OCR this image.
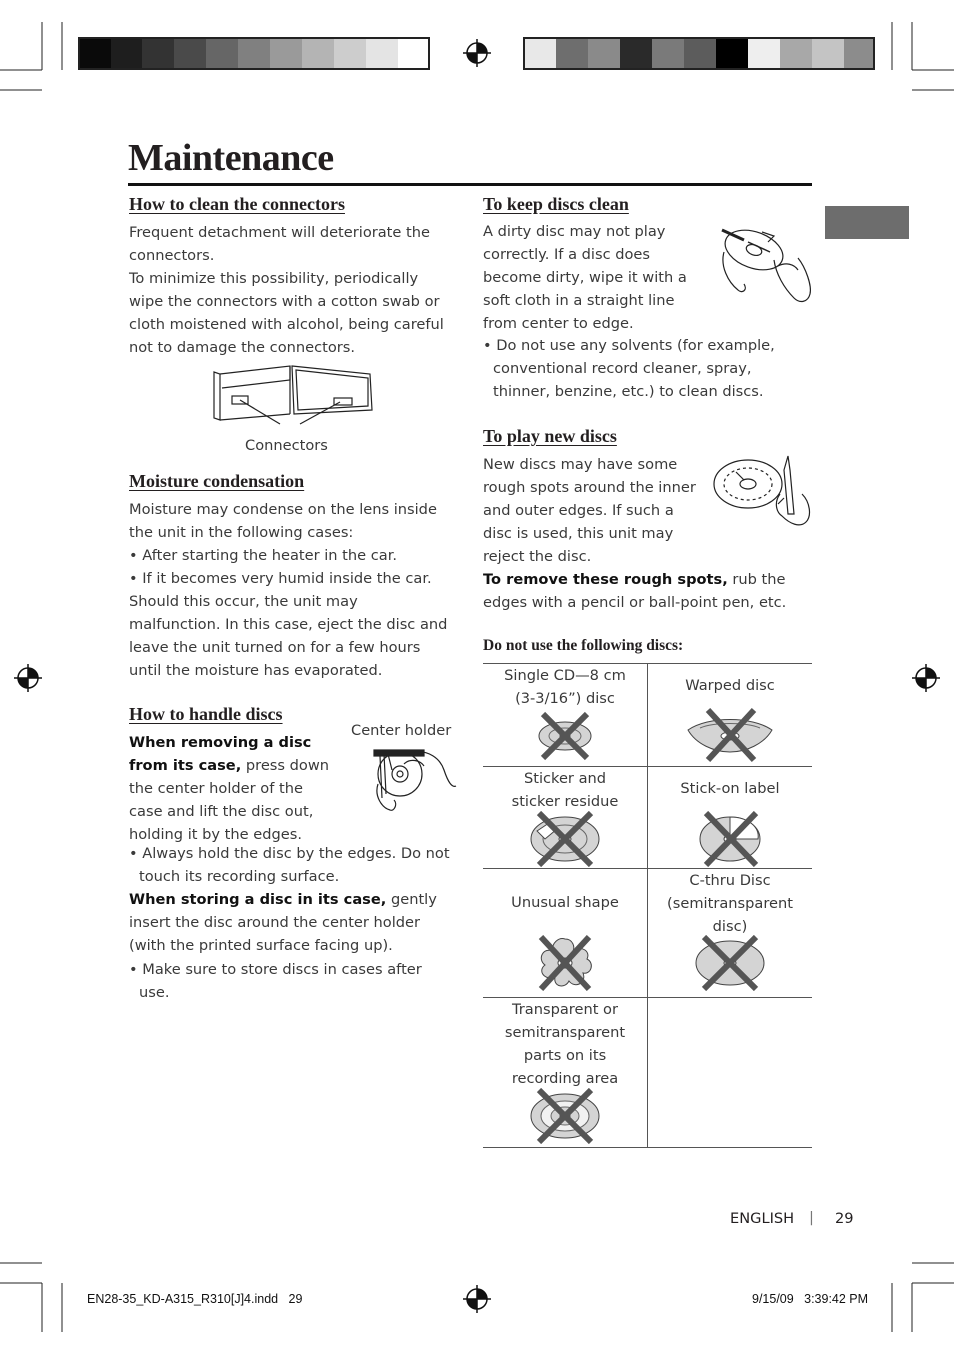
Maintenance
How to clean the connectors
Frequent detachment will deteriorate the connectors.
To minimize this possibility, periodically wipe the connectors with a cotton swab or cloth moistened with alcohol, being careful not to damage the connectors.
Connectors
Moisture condensation
Moisture may condense on the lens inside the unit in the following cases:
• After starting the heater in the car.
• If it becomes very humid inside the car.
Should this occur, the unit may malfunction. In this case, eject the disc and leave the unit turned on for a few hours until the moisture has evaporated.
How to handle discs
Center holder
When removing a disc from its case, press down the center holder of the case and lift the disc out, holding it by the edges.
• Always hold the disc by the edges. Do not touch its recording surface.
When storing a disc in its case, gently insert the disc around the center holder (with the printed surface facing up).
• Make sure to store discs in cases after use.
To keep discs clean
A dirty disc may not play correctly. If a disc does become dirty, wipe it with a soft cloth in a straight line from center to edge.
• Do not use any solvents (for example, conventional record cleaner, spray, thinner, benzine, etc.) to clean discs.
To play new discs
New discs may have some rough spots around the inner and outer edges. If such a disc is used, this unit may reject the disc.
To remove these rough spots, rub the edges with a pencil or ball-point pen, etc.
Do not use the following discs:
Single CD—8 cm (3-3/16”) disc
Warped disc
Sticker and sticker residue
Stick-on label
Unusual shape
C-thru Disc (semitransparent disc)
Transparent or semitransparent parts on its recording area
ENGLISH | 29
EN28-35_KD-A315_R310[J]4.indd   29	9/15/09   3:39:42 PM
